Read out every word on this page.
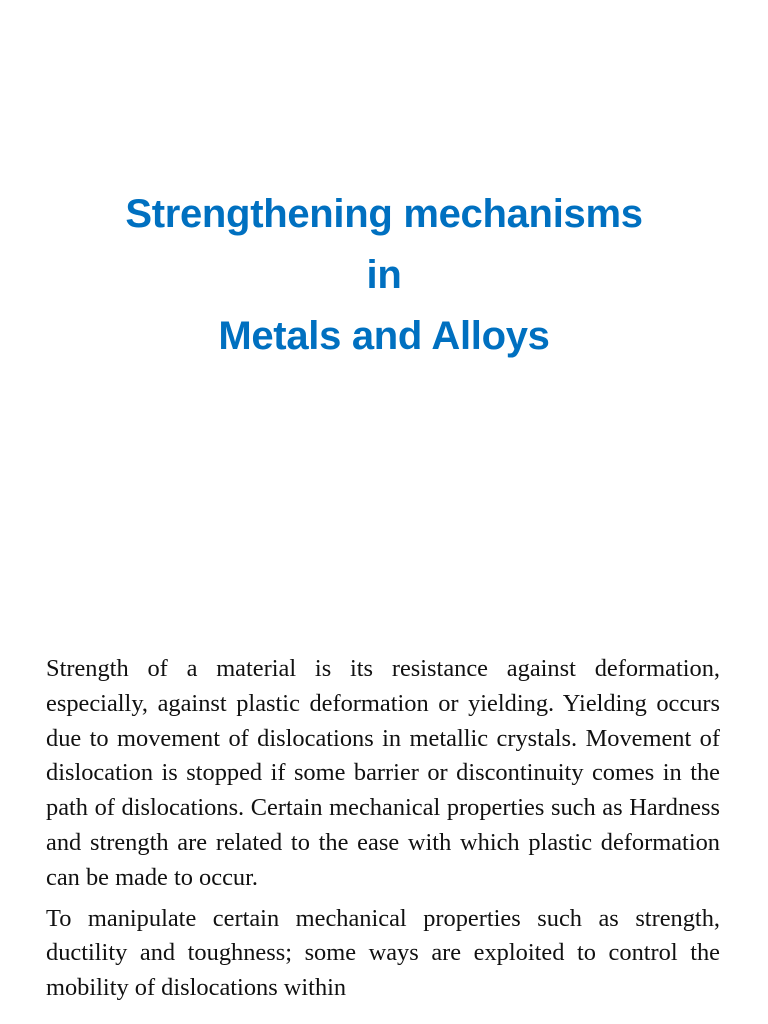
Strengthening mechanisms
in
Metals and Alloys

Strength of a material is its resistance against deformation, especially, against plastic deformation or yielding. Yielding occurs due to movement of dislocations in metallic crystals. Movement of dislocation is stopped if some barrier or discontinuity comes in the path of dislocations. Certain mechanical properties such as Hardness and strength are related to the ease with which plastic deformation can be made to occur.

To manipulate certain mechanical properties such as strength, ductility and toughness; some ways are exploited to control the mobility of dislocations within
